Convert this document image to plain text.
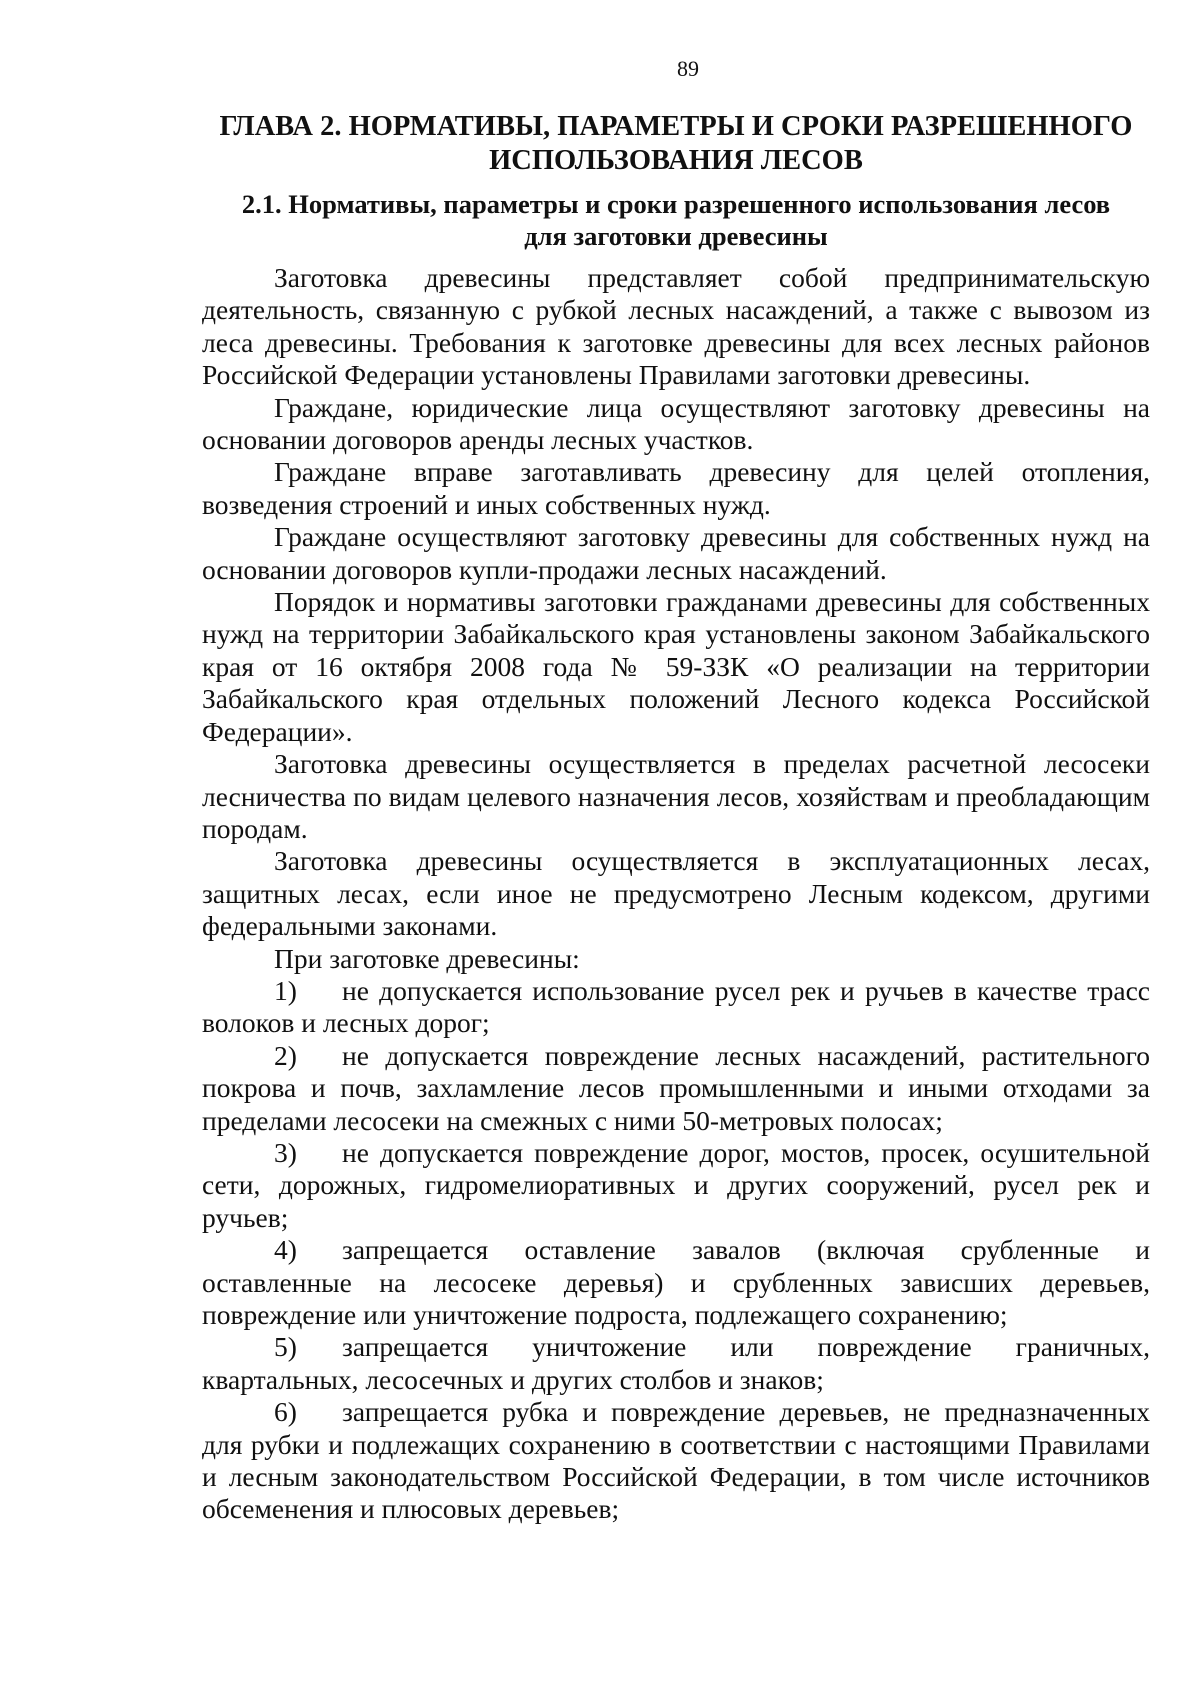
89
ГЛАВА 2. НОРМАТИВЫ, ПАРАМЕТРЫ И СРОКИ РАЗРЕШЕННОГО
ИСПОЛЬЗОВАНИЯ ЛЕСОВ
2.1. Нормативы, параметры и сроки разрешенного использования лесов
для заготовки древесины

Заготовка древесины представляет собой предпринимательскую деятельность, связанную с рубкой лесных насаждений, а также с вывозом из леса древесины. Требования к заготовке древесины для всех лесных районов Российской Федерации установлены Правилами заготовки древесины.

Граждане, юридические лица осуществляют заготовку древесины на основании договоров аренды лесных участков.

Граждане вправе заготавливать древесину для целей отопления, возведения строений и иных собственных нужд.

Граждане осуществляют заготовку древесины для собственных нужд на основании договоров купли-продажи лесных насаждений.

Порядок и нормативы заготовки гражданами древесины для собственных нужд на территории Забайкальского края установлены законом Забайкальского края от 16 октября 2008 года № 59-ЗЗК «О реализации на территории Забайкальского края отдельных положений Лесного кодекса Российской Федерации».

Заготовка древесины осуществляется в пределах расчетной лесосеки лесничества по видам целевого назначения лесов, хозяйствам и преобладающим породам.

Заготовка древесины осуществляется в эксплуатационных лесах, защитных лесах, если иное не предусмотрено Лесным кодексом, другими федеральными законами.

При заготовке древесины:

1) не допускается использование русел рек и ручьев в качестве трасс волоков и лесных дорог;

2) не допускается повреждение лесных насаждений, растительного покрова и почв, захламление лесов промышленными и иными отходами за пределами лесосеки на смежных с ними 50-метровых полосах;

3) не допускается повреждение дорог, мостов, просек, осушительной сети, дорожных, гидромелиоративных и других сооружений, русел рек и ручьев;

4) запрещается оставление завалов (включая срубленные и оставленные на лесосеке деревья) и срубленных зависших деревьев, повреждение или уничтожение подроста, подлежащего сохранению;

5) запрещается уничтожение или повреждение граничных, квартальных, лесосечных и других столбов и знаков;

6) запрещается рубка и повреждение деревьев, не предназначенных для рубки и подлежащих сохранению в соответствии с настоящими Правилами и лесным законодательством Российской Федерации, в том числе источников обсеменения и плюсовых деревьев;
